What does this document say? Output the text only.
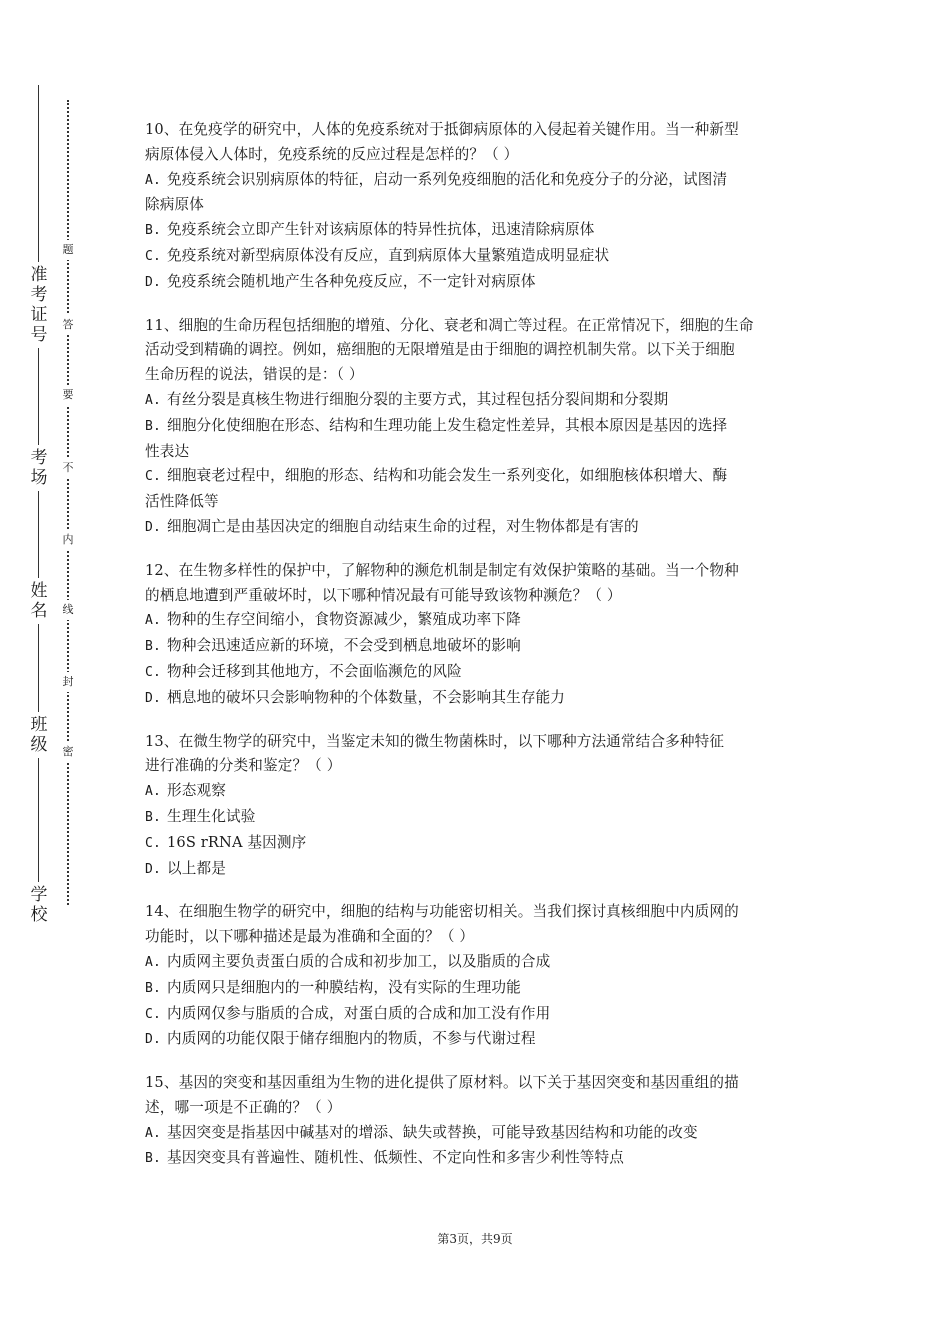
准考证号
考场
姓名
班级
学校
题
答
要
不
内
线
封
密
10、在免疫学的研究中，人体的免疫系统对于抵御病原体的入侵起着关键作用。当一种新型
病原体侵入人体时，免疫系统的反应过程是怎样的？（ ）
A. 免疫系统会识别病原体的特征，启动一系列免疫细胞的活化和免疫分子的分泌，试图清
除病原体
B. 免疫系统会立即产生针对该病原体的特异性抗体，迅速清除病原体
C. 免疫系统对新型病原体没有反应，直到病原体大量繁殖造成明显症状
D. 免疫系统会随机地产生各种免疫反应，不一定针对病原体
11、细胞的生命历程包括细胞的增殖、分化、衰老和凋亡等过程。在正常情况下，细胞的生命
活动受到精确的调控。例如，癌细胞的无限增殖是由于细胞的调控机制失常。以下关于细胞
生命历程的说法，错误的是：（ ）
A. 有丝分裂是真核生物进行细胞分裂的主要方式，其过程包括分裂间期和分裂期
B. 细胞分化使细胞在形态、结构和生理功能上发生稳定性差异，其根本原因是基因的选择
性表达
C. 细胞衰老过程中，细胞的形态、结构和功能会发生一系列变化，如细胞核体积增大、酶
活性降低等
D. 细胞凋亡是由基因决定的细胞自动结束生命的过程，对生物体都是有害的
12、在生物多样性的保护中，了解物种的濒危机制是制定有效保护策略的基础。当一个物种
的栖息地遭到严重破坏时，以下哪种情况最有可能导致该物种濒危？（ ）
A. 物种的生存空间缩小，食物资源减少，繁殖成功率下降
B. 物种会迅速适应新的环境，不会受到栖息地破坏的影响
C. 物种会迁移到其他地方，不会面临濒危的风险
D. 栖息地的破坏只会影响物种的个体数量，不会影响其生存能力
13、在微生物学的研究中，当鉴定未知的微生物菌株时，以下哪种方法通常结合多种特征
进行准确的分类和鉴定？（ ）
A. 形态观察
B. 生理生化试验
C. 16S rRNA 基因测序
D. 以上都是
14、在细胞生物学的研究中，细胞的结构与功能密切相关。当我们探讨真核细胞中内质网的
功能时，以下哪种描述是最为准确和全面的？（ ）
A. 内质网主要负责蛋白质的合成和初步加工，以及脂质的合成
B. 内质网只是细胞内的一种膜结构，没有实际的生理功能
C. 内质网仅参与脂质的合成，对蛋白质的合成和加工没有作用
D. 内质网的功能仅限于储存细胞内的物质，不参与代谢过程
15、基因的突变和基因重组为生物的进化提供了原材料。以下关于基因突变和基因重组的描
述，哪一项是不正确的？（ ）
A. 基因突变是指基因中碱基对的增添、缺失或替换，可能导致基因结构和功能的改变
B. 基因突变具有普遍性、随机性、低频性、不定向性和多害少利性等特点
第3页，共9页
